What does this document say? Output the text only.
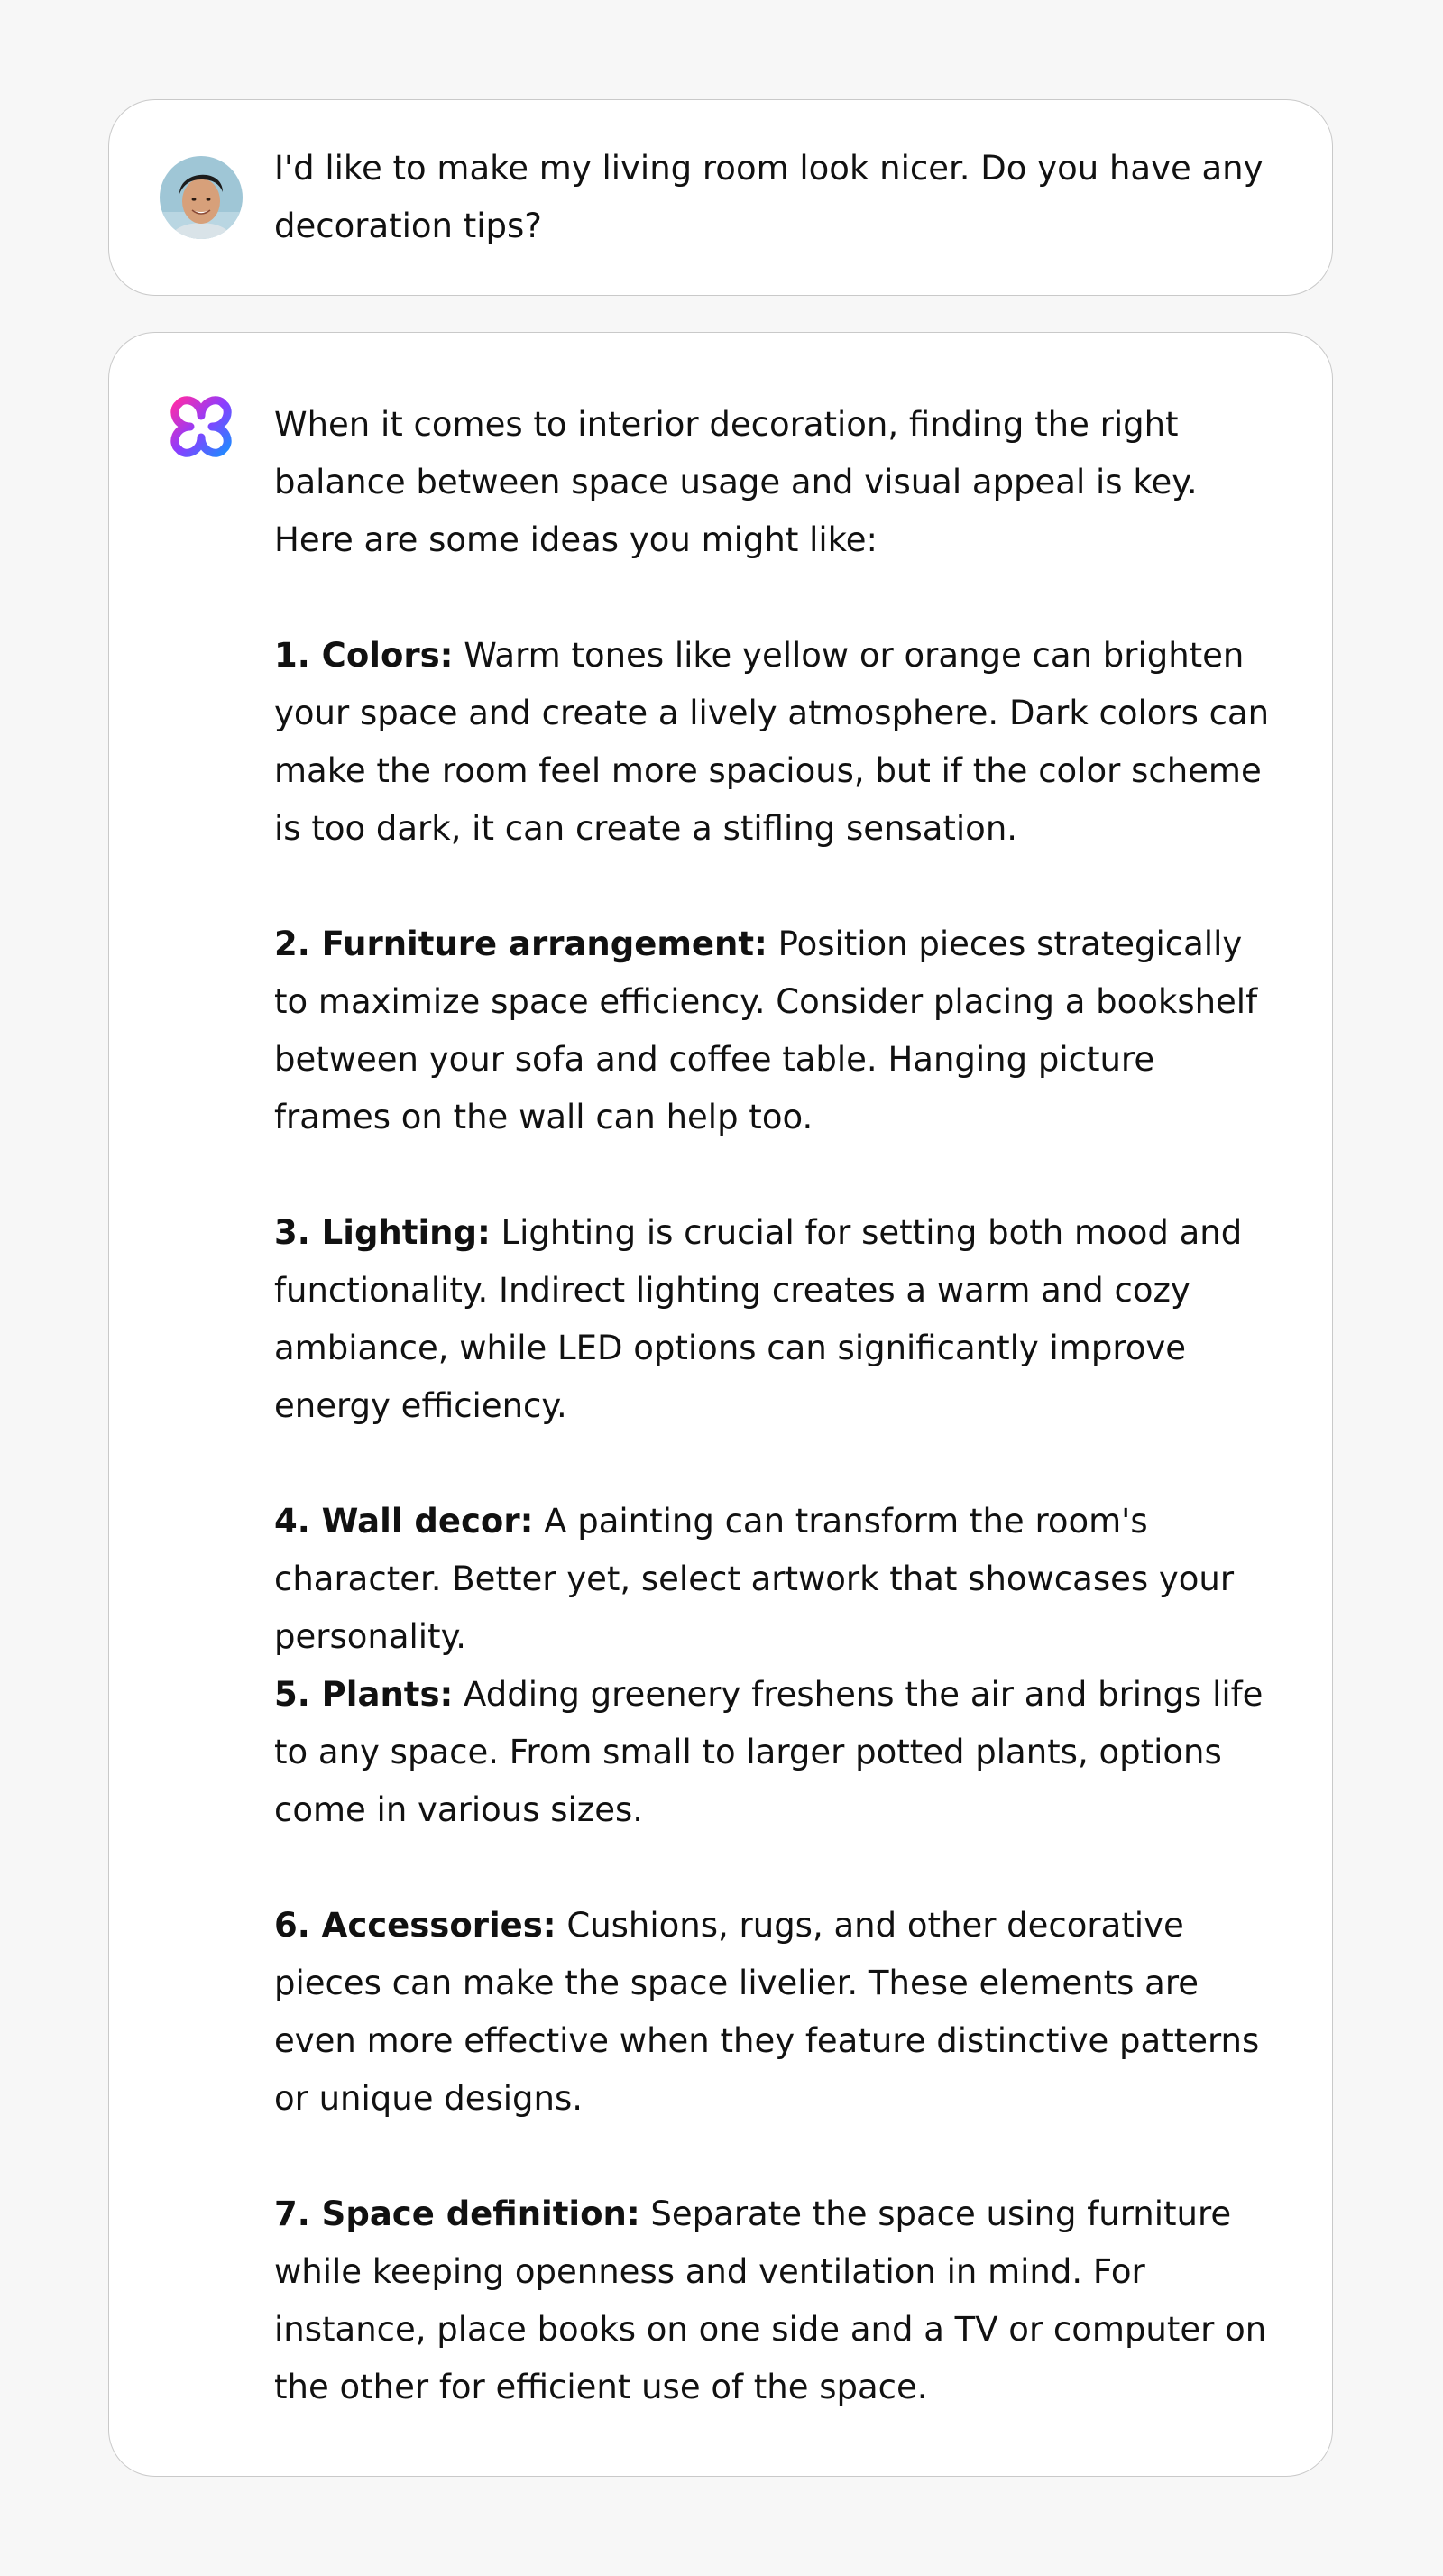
I'd like to make my living room look nicer. Do you have any decoration tips?
When it comes to interior decoration, finding the right balance between space usage and visual appeal is key. Here are some ideas you might like:
1. Colors: Warm tones like yellow or orange can brighten your space and create a lively atmosphere. Dark colors can make the room feel more spacious, but if the color scheme is too dark, it can create a stifling sensation.
2. Furniture arrangement: Position pieces strategically to maximize space efficiency. Consider placing a bookshelf between your sofa and coffee table. Hanging picture frames on the wall can help too.
3. Lighting: Lighting is crucial for setting both mood and functionality. Indirect lighting creates a warm and cozy ambiance, while LED options can significantly improve energy efficiency.
4. Wall decor: A painting can transform the room's character. Better yet, select artwork that showcases your personality.
5. Plants: Adding greenery freshens the air and brings life to any space. From small to larger potted plants, options come in various sizes.
6. Accessories: Cushions, rugs, and other decorative pieces can make the space livelier. These elements are even more effective when they feature distinctive patterns or unique designs.
7. Space definition: Separate the space using furniture while keeping openness and ventilation in mind. For instance, place books on one side and a TV or computer on the other for efficient use of the space.
